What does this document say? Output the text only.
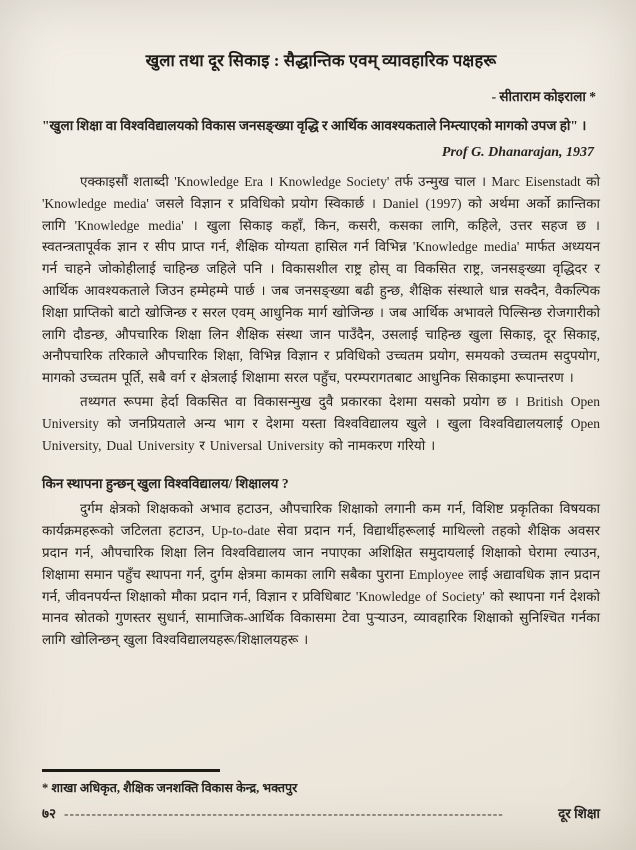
खुला तथा दूर सिकाइ : सैद्धान्तिक एवम् व्यावहारिक पक्षहरू
- सीताराम कोइराला *

"खुला शिक्षा वा विश्वविद्यालयको विकास जनसङ्ख्या वृद्धि र आर्थिक आवश्यकताले निम्त्याएको मागको उपज हो" ।

Prof G. Dhanarajan, 1937

एक्काइसौं शताब्दी 'Knowledge Era । Knowledge Society' तर्फ उन्मुख चाल । Marc Eisenstadt को 'Knowledge media' जसले विज्ञान र प्रविधिको प्रयोग स्विकार्छ । Daniel (1997) को अर्थमा अर्को क्रान्तिका लागि 'Knowledge media' । खुला सिकाइ कहाँ, किन, कसरी, कसका लागि, कहिले, उत्तर सहज छ । स्वतन्त्रतापूर्वक ज्ञान र सीप प्राप्त गर्न, शैक्षिक योग्यता हासिल गर्न विभिन्न 'Knowledge media' मार्फत अध्ययन गर्न चाहने जोकोहीलाई चाहिन्छ जहिले पनि । विकासशील राष्ट्र होस् वा विकसित राष्ट्र, जनसङ्ख्या वृद्धिदर र आर्थिक आवश्यकताले जिउन हम्मेहम्मे पार्छ । जब जनसङ्ख्या बढी हुन्छ, शैक्षिक संस्थाले धान्न सक्दैन, वैकल्पिक शिक्षा प्राप्तिको बाटो खोजिन्छ र सरल एवम् आधुनिक मार्ग खोजिन्छ । जब आर्थिक अभावले पिल्सिन्छ रोजगारीको लागि दौडन्छ, औपचारिक शिक्षा लिन शैक्षिक संस्था जान पाउँदैन, उसलाई चाहिन्छ खुला सिकाइ, दूर सिकाइ, अनौपचारिक तरिकाले औपचारिक शिक्षा, विभिन्न विज्ञान र प्रविधिको उच्चतम प्रयोग, समयको उच्चतम सदुपयोग, मागको उच्चतम पूर्ति, सबै वर्ग र क्षेत्रलाई शिक्षामा सरल पहुँच, परम्परागतबाट आधुनिक सिकाइमा रूपान्तरण ।

तथ्यगत रूपमा हेर्दा विकसित वा विकासन्मुख दुवै प्रकारका देशमा यसको प्रयोग छ । British Open University को जनप्रियताले अन्य भाग र देशमा यस्ता विश्वविद्यालय खुले । खुला विश्वविद्यालयलाई Open University, Dual University र Universal University को नामकरण गरियो ।

किन स्थापना हुन्छन् खुला विश्वविद्यालय/ शिक्षालय ?

दुर्गम क्षेत्रको शिक्षकको अभाव हटाउन, औपचारिक शिक्षाको लगानी कम गर्न, विशिष्ट प्रकृतिका विषयका कार्यक्रमहरूको जटिलता हटाउन, Up-to-date सेवा प्रदान गर्न, विद्यार्थीहरूलाई माथिल्लो तहको शैक्षिक अवसर प्रदान गर्न, औपचारिक शिक्षा लिन विश्वविद्यालय जान नपाएका अशिक्षित समुदायलाई शिक्षाको घेरामा ल्याउन, शिक्षामा समान पहुँच स्थापना गर्न, दुर्गम क्षेत्रमा कामका लागि सबैका पुराना Employee लाई अद्यावधिक ज्ञान प्रदान गर्न, जीवनपर्यन्त शिक्षाको मौका प्रदान गर्न, विज्ञान र प्रविधिबाट 'Knowledge of Society' को स्थापना गर्न देशको मानव स्रोतको गुणस्तर सुधार्न, सामाजिक-आर्थिक विकासमा टेवा पुर्‍याउन, व्यावहारिक शिक्षाको सुनिश्चित गर्नका लागि खोलिन्छन् खुला विश्वविद्यालयहरू/शिक्षालयहरू ।

* शाखा अधिकृत, शैक्षिक जनशक्ति विकास केन्द्र, भक्तपुर

७२ --------------------------------------------------------------------------------	दूर शिक्षा
